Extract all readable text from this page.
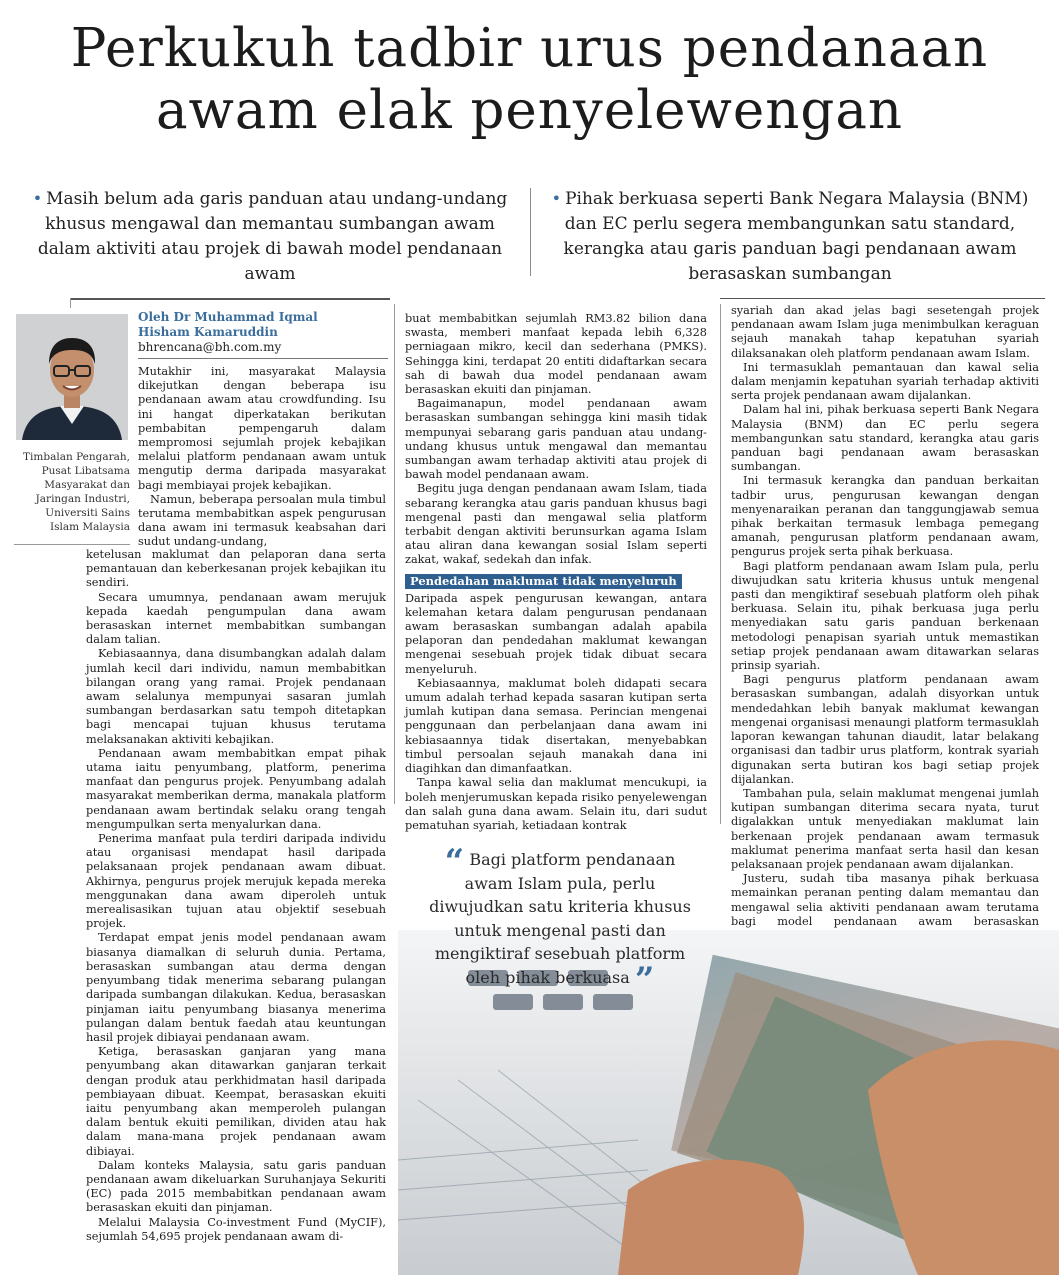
Perkukuh tadbir urus pendanaan
awam elak penyelewengan
• Masih belum ada garis panduan atau undang-undang khusus mengawal dan memantau sumbangan awam dalam aktiviti atau projek di bawah model pendanaan awam
• Pihak berkuasa seperti Bank Negara Malaysia (BNM) dan EC perlu segera membangunkan satu standard, kerangka atau garis panduan bagi pendanaan awam berasaskan sumbangan
Timbalan Pengarah, Pusat Libatsama Masyarakat dan Jaringan Industri, Universiti Sains Islam Malaysia
Oleh Dr Muhammad Iqmal
Hisham Kamaruddin
bhrencana@bh.com.my

Mutakhir ini, masyarakat Malaysia dikejutkan dengan beberapa isu pendanaan awam atau crowdfunding. Isu ini hangat diperkatakan berikutan pembabitan pempengaruh dalam mempromosi sejumlah projek kebajikan melalui platform pendanaan awam untuk mengutip derma daripada masyarakat bagi membiayai projek kebajikan.

Namun, beberapa persoalan mula timbul terutama membabitkan aspek pengurusan dana awam ini termasuk keabsahan dari sudut undang-undang,

ketelusan maklumat dan pelaporan dana serta pemantauan dan keberkesanan projek kebajikan itu sendiri.

Secara umumnya, pendanaan awam merujuk kepada kaedah pengumpulan dana awam berasaskan internet membabitkan sumbangan dalam talian.

Kebiasaannya, dana disumbangkan adalah dalam jumlah kecil dari individu, namun membabitkan bilangan orang yang ramai. Projek pendanaan awam selalunya mempunyai sasaran jumlah sumbangan berdasarkan satu tempoh ditetapkan bagi mencapai tujuan khusus terutama melaksanakan aktiviti kebajikan.

Pendanaan awam membabitkan empat pihak utama iaitu penyumbang, platform, penerima manfaat dan pengurus projek. Penyumbang adalah masyarakat memberikan derma, manakala platform pendanaan awam bertindak selaku orang tengah mengumpulkan serta menyalurkan dana.

Penerima manfaat pula terdiri daripada individu atau organisasi mendapat hasil daripada pelaksanaan projek pendanaan awam dibuat. Akhirnya, pengurus projek merujuk kepada mereka menggunakan dana awam diperoleh untuk merealisasikan tujuan atau objektif sesebuah projek.

Terdapat empat jenis model pendanaan awam biasanya diamalkan di seluruh dunia. Pertama, berasaskan sumbangan atau derma dengan penyumbang tidak menerima sebarang pulangan daripada sumbangan dilakukan. Kedua, berasaskan pinjaman iaitu penyumbang biasanya menerima pulangan dalam bentuk faedah atau keuntungan hasil projek dibiayai pendanaan awam.

Ketiga, berasaskan ganjaran yang mana penyumbang akan ditawarkan ganjaran terkait dengan produk atau perkhidmatan hasil daripada pembiayaan dibuat. Keempat, berasaskan ekuiti iaitu penyumbang akan memperoleh pulangan dalam bentuk ekuiti pemilikan, dividen atau hak dalam mana-mana projek pendanaan awam dibiayai.

Dalam konteks Malaysia, satu garis panduan pendanaan awam dikeluarkan Suruhanjaya Sekuriti (EC) pada 2015 membabitkan pendanaan awam berasaskan ekuiti dan pinjaman.

Melalui Malaysia Co-investment Fund (MyCIF), sejumlah 54,695 projek pendanaan awam di-

buat membabitkan sejumlah RM3.82 bilion dana swasta, memberi manfaat kepada lebih 6,328 perniagaan mikro, kecil dan sederhana (PMKS). Sehingga kini, terdapat 20 entiti didaftarkan secara sah di bawah dua model pendanaan awam berasaskan ekuiti dan pinjaman.

Bagaimanapun, model pendanaan awam berasaskan sumbangan sehingga kini masih tidak mempunyai sebarang garis panduan atau undang-undang khusus untuk mengawal dan memantau sumbangan awam terhadap aktiviti atau projek di bawah model pendanaan awam.

Begitu juga dengan pendanaan awam Islam, tiada sebarang kerangka atau garis panduan khusus bagi mengenal pasti dan mengawal selia platform terbabit dengan aktiviti berunsurkan agama Islam atau aliran dana kewangan sosial Islam seperti zakat, wakaf, sedekah dan infak.

Pendedahan maklumat tidak menyeluruh

Daripada aspek pengurusan kewangan, antara kelemahan ketara dalam pengurusan pendanaan awam berasaskan sumbangan adalah apabila pelaporan dan pendedahan maklumat kewangan mengenai sesebuah projek tidak dibuat secara menyeluruh.

Kebiasaannya, maklumat boleh didapati secara umum adalah terhad kepada sasaran kutipan serta jumlah kutipan dana semasa. Perincian mengenai penggunaan dan perbelanjaan dana awam ini kebiasaannya tidak disertakan, menyebabkan timbul persoalan sejauh manakah dana ini diagihkan dan dimanfaatkan.

Tanpa kawal selia dan maklumat mencukupi, ia boleh menjerumuskan kepada risiko penyelewengan dan salah guna dana awam. Selain itu, dari sudut pematuhan syariah, ketiadaan kontrak

syariah dan akad jelas bagi sesetengah projek pendanaan awam Islam juga menimbulkan keraguan sejauh manakah tahap kepatuhan syariah dilaksanakan oleh platform pendanaan awam Islam.

Ini termasuklah pemantauan dan kawal selia dalam menjamin kepatuhan syariah terhadap aktiviti serta projek pendanaan awam dijalankan.

Dalam hal ini, pihak berkuasa seperti Bank Negara Malaysia (BNM) dan EC perlu segera membangunkan satu standard, kerangka atau garis panduan bagi pendanaan awam berasaskan sumbangan.

Ini termasuk kerangka dan panduan berkaitan tadbir urus, pengurusan kewangan dengan menyenaraikan peranan dan tanggungjawab semua pihak berkaitan termasuk lembaga pemegang amanah, pengurusan platform pendanaan awam, pengurus projek serta pihak berkuasa.

Bagi platform pendanaan awam Islam pula, perlu diwujudkan satu kriteria khusus untuk mengenal pasti dan mengiktiraf sesebuah platform oleh pihak berkuasa. Selain itu, pihak berkuasa juga perlu menyediakan satu garis panduan berkenaan metodologi penapisan syariah untuk memastikan setiap projek pendanaan awam ditawarkan selaras prinsip syariah.

Bagi pengurus platform pendanaan awam berasaskan sumbangan, adalah disyorkan untuk mendedahkan lebih banyak maklumat kewangan mengenai organisasi menaungi platform termasuklah laporan kewangan tahunan diaudit, latar belakang organisasi dan tadbir urus platform, kontrak syariah digunakan serta butiran kos bagi setiap projek dijalankan.

Tambahan pula, selain maklumat mengenai jumlah kutipan sumbangan diterima secara nyata, turut digalakkan untuk menyediakan maklumat lain berkenaan projek pendanaan awam termasuk maklumat penerima manfaat serta hasil dan kesan pelaksanaan projek pendanaan awam dijalankan.

Justeru, sudah tiba masanya pihak berkuasa memainkan peranan penting dalam memantau dan mengawal selia aktiviti pendanaan awam terutama bagi model pendanaan awam berasaskan

“ Bagi platform pendanaan awam Islam pula, perlu diwujudkan satu kriteria khusus untuk mengenal pasti dan mengiktiraf sesebuah platform oleh pihak berkuasa ”
